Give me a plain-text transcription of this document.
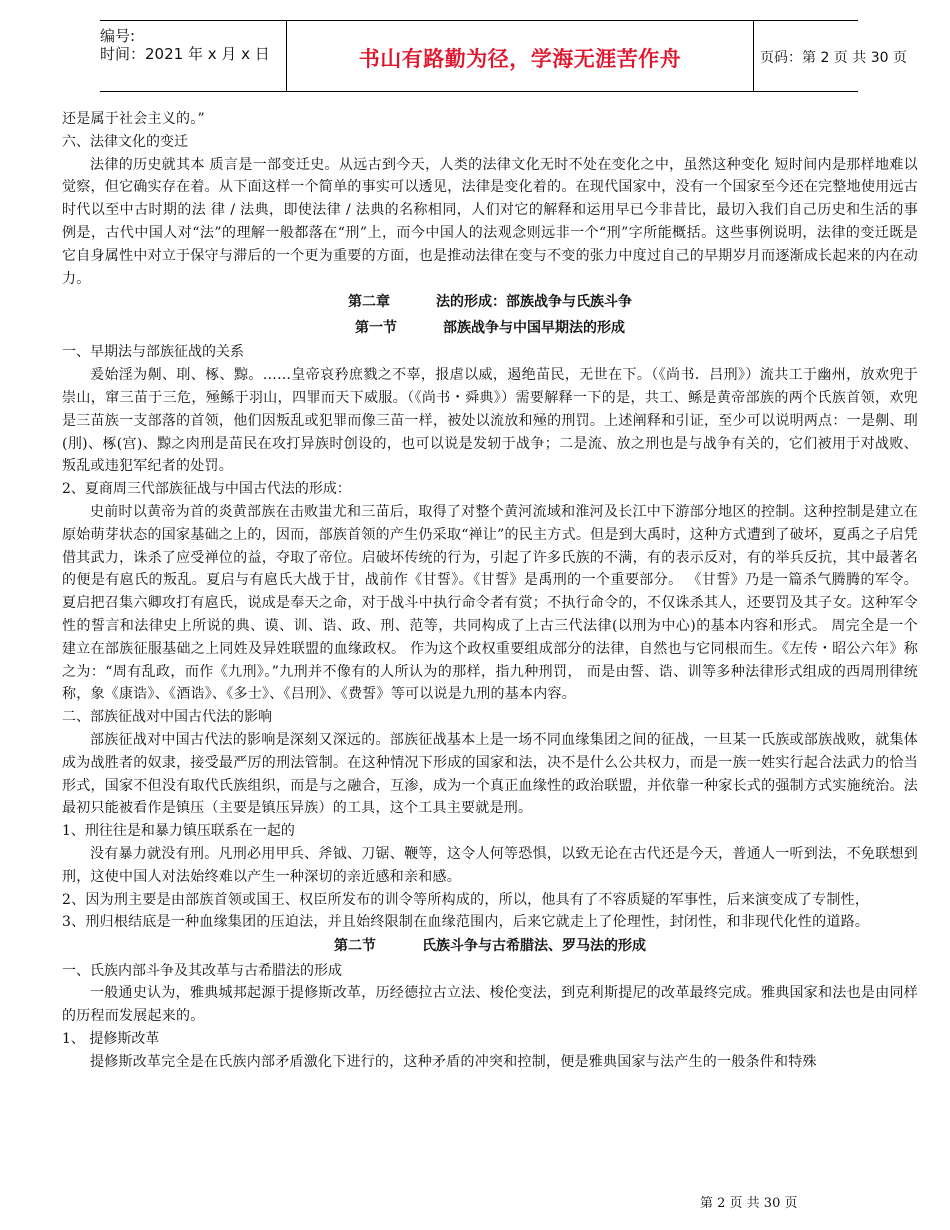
编号:
时间：2021 年 x 月 x 日	书山有路勤为径，学海无涯苦作舟	页码：第 2 页 共 30 页

还是属于社会主义的。”

六、法律文化的变迁

法律的历史就其本 质言是一部变迁史。从远古到今天，人类的法律文化无时不处在变化之中，虽然这种变化 短时间内是那样地难以觉察，但它确实存在着。从下面这样一个简单的事实可以透见，法律是变化着的。在现代国家中，没有一个国家至今还在完整地使用远古时代以至中古时期的法 律 / 法典，即使法律 / 法典的名称相同，人们对它的解释和运用早已今非昔比，最切入我们自己历史和生活的事例是，古代中国人对“法”的理解一般都落在“刑”上，而今中国人的法观念则远非一个“刑”字所能概括。这些事例说明，法律的变迁既是它自身属性中对立于保守与滞后的一个更为重要的方面，也是推动法律在变与不变的张力中度过自己的早期岁月而逐渐成长起来的内在动力。

第二章	法的形成：部族战争与氏族斗争

第一节	部族战争与中国早期法的形成

一、早期法与部族征战的关系

爰始淫为劓、刵、椓、黥。……皇帝哀矜庶戮之不辜，报虐以威，遏绝苗民，无世在下。（《尚书．吕刑》）流共工于幽州，放欢兜于崇山，窜三苗于三危，殛鲧于羽山，四罪而天下威服。（《尚书・舜典》）需要解释一下的是，共工、鲧是黄帝部族的两个氏族首领，欢兜是三苗族一支部落的首领，他们因叛乱或犯罪而像三苗一样，被处以流放和殛的刑罚。上述阐释和引证，至少可以说明两点：一是劓、刵(刖)、椓(宫)、黥之肉刑是苗民在攻打异族时创设的，也可以说是发轫于战争；二是流、放之刑也是与战争有关的，它们被用于对战败、叛乱或违犯军纪者的处罚。

2、夏商周三代部族征战与中国古代法的形成：

史前时以黄帝为首的炎黄部族在击败蚩尤和三苗后，取得了对整个黄河流域和淮河及长江中下游部分地区的控制。这种控制是建立在原始萌芽状态的国家基础之上的，因而，部族首领的产生仍采取“禅让”的民主方式。但是到大禹时，这种方式遭到了破坏，夏禹之子启凭借其武力，诛杀了应受禅位的益，夺取了帝位。启破坏传统的行为，引起了许多氏族的不满，有的表示反对，有的举兵反抗，其中最著名的便是有扈氏的叛乱。夏启与有扈氏大战于甘，战前作《甘誓》。《甘誓》是禹刑的一个重要部分。 《甘誓》乃是一篇杀气腾腾的军令。夏启把召集六卿攻打有扈氏，说成是奉天之命，对于战斗中执行命令者有赏；不执行命令的，不仅诛杀其人，还要罚及其子女。这种军令性的誓言和法律史上所说的典、谟、训、诰、政、刑、范等，共同构成了上古三代法律(以刑为中心)的基本内容和形式。 周完全是一个建立在部族征服基础之上同姓及异姓联盟的血缘政权。 作为这个政权重要组成部分的法律，自然也与它同根而生。《左传・昭公六年》称之为：“周有乱政，而作《九刑》。”九刑并不像有的人所认为的那样，指九种刑罚， 而是由誓、诰、训等多种法律形式组成的西周刑律统称，象《康诰》、《酒诰》、《多士》、《吕刑》、《费誓》等可以说是九刑的基本内容。

二、部族征战对中国古代法的影响

部族征战对中国古代法的影响是深刻又深远的。部族征战基本上是一场不同血缘集团之间的征战，一旦某一氏族或部族战败，就集体成为战胜者的奴隶，接受最严厉的刑法管制。在这种情况下形成的国家和法，决不是什么公共权力，而是一族一姓实行起合法武力的恰当形式，国家不但没有取代氏族组织，而是与之融合，互渗，成为一个真正血缘性的政治联盟，并依靠一种家长式的强制方式实施统治。法最初只能被看作是镇压（主要是镇压异族）的工具，这个工具主要就是刑。

1、刑往往是和暴力镇压联系在一起的

没有暴力就没有刑。凡刑必用甲兵、斧钺、刀锯、鞭等，这令人何等恐惧，以致无论在古代还是今天，普通人一听到法，不免联想到刑，这使中国人对法始终难以产生一种深切的亲近感和亲和感。

2、因为刑主要是由部族首领或国王、权臣所发布的训令等所构成的，所以，他具有了不容质疑的军事性，后来演变成了专制性，

3、刑归根结底是一种血缘集团的压迫法，并且始终限制在血缘范围内，后来它就走上了伦理性，封闭性，和非现代化性的道路。

第二节	氏族斗争与古希腊法、罗马法的形成

一、氏族内部斗争及其改革与古希腊法的形成

一般通史认为，雅典城邦起源于提修斯改革，历经德拉古立法、梭伦变法，到克利斯提尼的改革最终完成。雅典国家和法也是由同样的历程而发展起来的。

1、 提修斯改革

提修斯改革完全是在氏族内部矛盾激化下进行的，这种矛盾的冲突和控制，便是雅典国家与法产生的一般条件和特殊

第 2 页 共 30 页
